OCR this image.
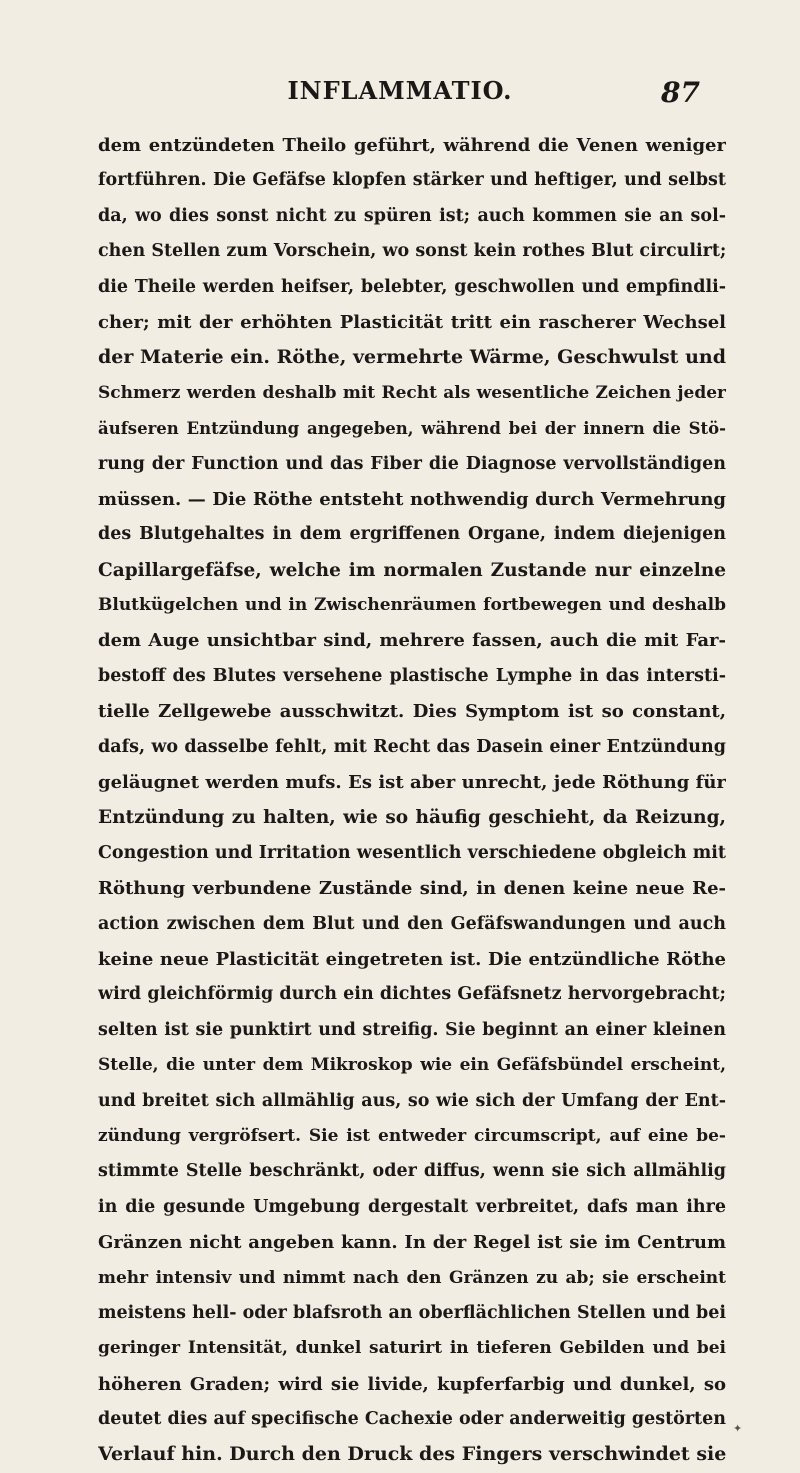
INFLAMMATIO.	87
dem entzündeten Theilo geführt, während die Venen weniger
fortführen. Die Gefäfse klopfen stärker und heftiger, und selbst
da, wo dies sonst nicht zu spüren ist; auch kommen sie an sol-
chen Stellen zum Vorschein, wo sonst kein rothes Blut circulirt;
die Theile werden heifser, belebter, geschwollen und empfindli-
cher; mit der erhöhten Plasticität tritt ein rascherer Wechsel
der Materie ein. Röthe, vermehrte Wärme, Geschwulst und
Schmerz werden deshalb mit Recht als wesentliche Zeichen jeder
äufseren Entzündung angegeben, während bei der innern die Stö-
rung der Function und das Fiber die Diagnose vervollständigen
müssen. — Die Röthe entsteht nothwendig durch Vermehrung
des Blutgehaltes in dem ergriffenen Organe, indem diejenigen
Capillargefäfse, welche im normalen Zustande nur einzelne
Blutkügelchen und in Zwischenräumen fortbewegen und deshalb
dem Auge unsichtbar sind, mehrere fassen, auch die mit Far-
bestoff des Blutes versehene plastische Lymphe in das intersti-
tielle Zellgewebe ausschwitzt. Dies Symptom ist so constant,
dafs, wo dasselbe fehlt, mit Recht das Dasein einer Entzündung
geläugnet werden mufs. Es ist aber unrecht, jede Röthung für
Entzündung zu halten, wie so häufig geschieht, da Reizung,
Congestion und Irritation wesentlich verschiedene obgleich mit
Röthung verbundene Zustände sind, in denen keine neue Re-
action zwischen dem Blut und den Gefäfswandungen und auch
keine neue Plasticität eingetreten ist. Die entzündliche Röthe
wird gleichförmig durch ein dichtes Gefäfsnetz hervorgebracht;
selten ist sie punktirt und streifig. Sie beginnt an einer kleinen
Stelle, die unter dem Mikroskop wie ein Gefäfsbündel erscheint,
und breitet sich allmählig aus, so wie sich der Umfang der Ent-
zündung vergröfsert. Sie ist entweder circumscript, auf eine be-
stimmte Stelle beschränkt, oder diffus, wenn sie sich allmählig
in die gesunde Umgebung dergestalt verbreitet, dafs man ihre
Gränzen nicht angeben kann. In der Regel ist sie im Centrum
mehr intensiv und nimmt nach den Gränzen zu ab; sie erscheint
meistens hell- oder blafsroth an oberflächlichen Stellen und bei
geringer Intensität, dunkel saturirt in tieferen Gebilden und bei
höheren Graden; wird sie livide, kupferfarbig und dunkel, so
deutet dies auf specifische Cachexie oder anderweitig gestörten
Verlauf hin. Durch den Druck des Fingers verschwindet sie
✦
